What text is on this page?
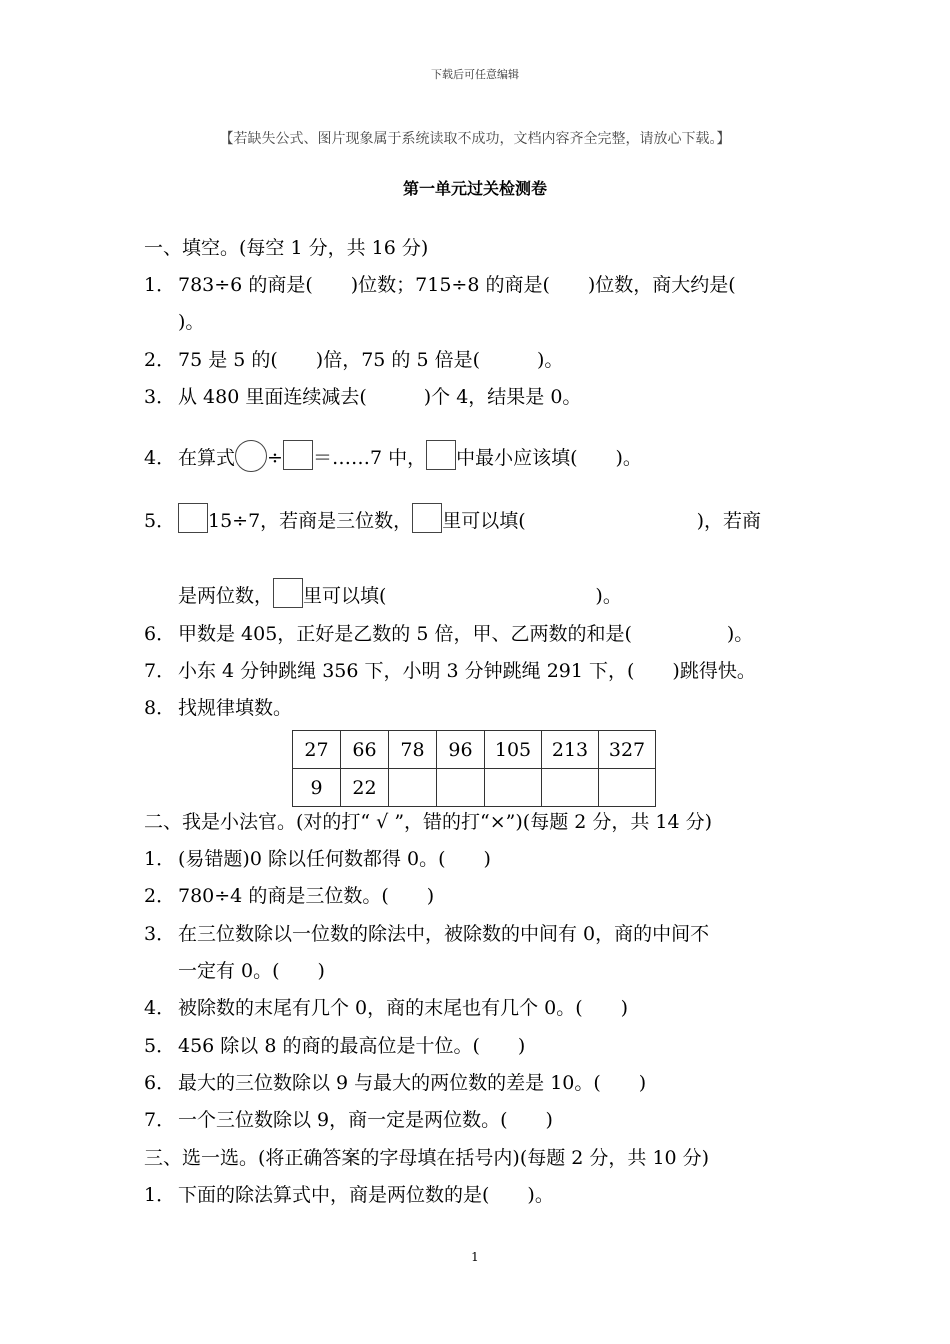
下载后可任意编辑
【若缺失公式、图片现象属于系统读取不成功，文档内容齐全完整，请放心下载。】
第一单元过关检测卷
一、填空。(每空 1 分，共 16 分)
1． 783÷6 的商是(　　)位数；715÷8 的商是(　　)位数，商大约是(
)。
2． 75 是 5 的(　　)倍，75 的 5 倍是(　　　)。
3． 从 480 里面连续减去(　　　)个 4，结果是 0。
4． 在算式 ÷ ＝……7 中， 中最小应该填(　　)。
5． 15÷7，若商是三位数， 里可以填(　　　　　　　　　)，若商
是两位数， 里可以填(　　　　　　　　　　　)。
6． 甲数是 405，正好是乙数的 5 倍，甲、乙两数的和是(　　　　　)。
7． 小东 4 分钟跳绳 356 下，小明 3 分钟跳绳 291 下，(　　)跳得快。
8． 找规律填数。
27	66	78	96	105	213	327
9	22					
二、我是小法官。(对的打“ √ ”，错的打“×”)(每题 2 分，共 14 分)
1． (易错题)0 除以任何数都得 0。(　　)
2． 780÷4 的商是三位数。(　　)
3． 在三位数除以一位数的除法中，被除数的中间有 0，商的中间不
一定有 0。(　　)
4． 被除数的末尾有几个 0，商的末尾也有几个 0。(　　)
5． 456 除以 8 的商的最高位是十位。(　　)
6． 最大的三位数除以 9 与最大的两位数的差是 10。(　　)
7． 一个三位数除以 9，商一定是两位数。(　　)
三、选一选。(将正确答案的字母填在括号内)(每题 2 分，共 10 分)
1． 下面的除法算式中，商是两位数的是(　　)。
1
